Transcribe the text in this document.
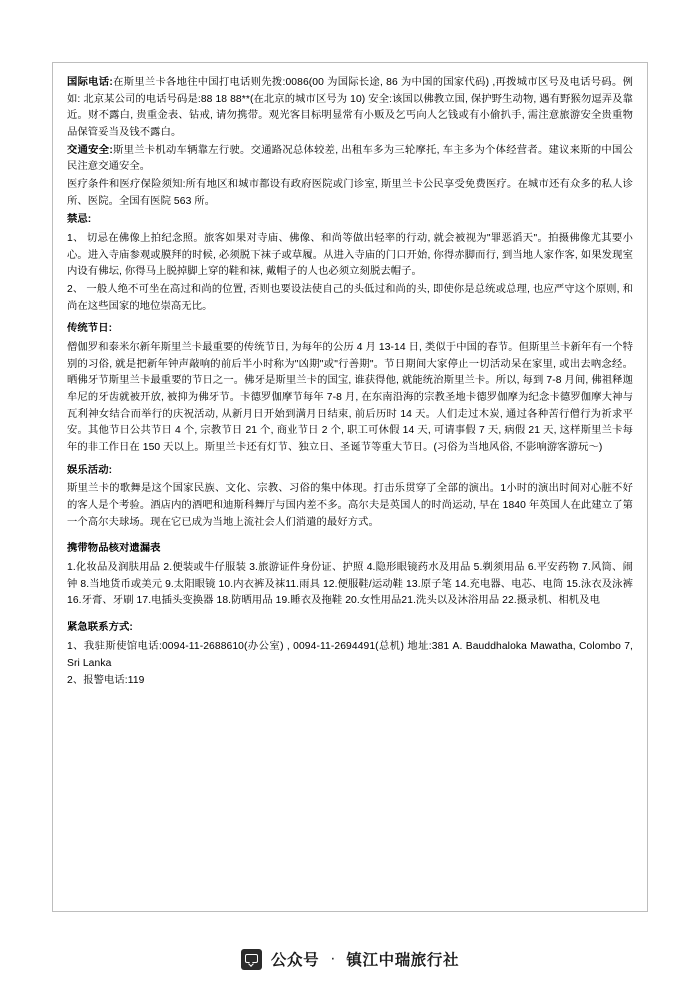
国际电话:在斯里兰卡各地往中国打电话则先拨:0086(00 为国际长途, 86 为中国的国家代码) ,再拨城市区号及电话号码。例如: 北京某公司的电话号码是:88 18 88**(在北京的城市区号为 10) 安全:该国以佛教立国, 保护野生动物, 遇有野猴勿逗弄及靠近。财不露白, 贵重金表、钻戒, 请勿携带。观光客目标明显常有小贩及乞丐向人乞钱或有小偷扒手, 需注意旅游安全贵重物品保管妥当及钱不露白。

交通安全:斯里兰卡机动车辆靠左行驶。交通路况总体较差, 出租车多为三轮摩托, 车主多为个体经营者。建议来斯的中国公民注意交通安全。

医疗条件和医疗保险须知:所有地区和城市都设有政府医院或门诊室, 斯里兰卡公民享受免费医疗。在城市还有众多的私人诊所、医院。全国有医院 563 所。

禁忌:

1、 切忌在佛像上拍纪念照。旅客如果对寺庙、佛像、和尚等做出轻率的行动, 就会被视为"罪恶滔天"。拍摄佛像尤其要小心。进入寺庙参观或膜拜的时候, 必须脱下袜子或草履。从进入寺庙的门口开始, 你得赤脚而行, 到当地人家作客, 如果发现室内设有佛坛, 你得马上脱掉脚上穿的鞋和袜, 戴帽子的人也必须立刻脱去帽子。

2、 一般人绝不可坐在高过和尚的位置, 否则也要设法使自己的头低过和尚的头, 即使你是总统或总理, 也应严守这个原则, 和尚在这些国家的地位崇高无比。

传统节日:

僧伽罗和泰米尔新年斯里兰卡最重要的传统节日, 为每年的公历 4 月 13-14 日, 类似于中国的春节。但斯里兰卡新年有一个特别的习俗, 就是把新年钟声敲响的前后半小时称为"凶期"或"行善期"。节日期间大家停止一切活动呆在家里, 或出去吶念经。晒佛牙节斯里兰卡最重要的节日之一。佛牙是斯里兰卡的国宝, 谁获得他, 就能统治斯里兰卡。所以, 每到 7-8 月间, 佛祖释迦牟尼的牙齿就被开放, 被抑为佛牙节。卡德罗伽摩节每年 7-8 月, 在东南沿海的宗教圣地卡德罗伽摩为纪念卡德罗伽摩大神与瓦利神女结合而举行的庆祝活动, 从新月日开始到满月日结束, 前后历时 14 天。人们走过木炭, 通过各种苦行僧行为祈求平安。其他节日公共节日 4 个, 宗教节日 21 个, 商业节日 2 个, 职工可休假 14 天, 可请事假 7 天, 病假 21 天, 这样斯里兰卡每年的非工作日在 150 天以上。斯里兰卡还有灯节、独立日、圣诞节等重大节日。(习俗为当地风俗, 不影响游客游玩〜)

娱乐活动:

斯里兰卡的歌舞是这个国家民族、文化、宗教、习俗的集中体现。打击乐贯穿了全部的演出。1小时的演出时间对心脏不好的客人是个考验。酒店内的酒吧和迪斯科舞厅与国内差不多。高尔夫是英国人的时尚运动, 早在 1840 年英国人在此建立了第一个高尔夫球场。现在它已成为当地上流社会人们消遣的最好方式。

携带物品核对遗漏表

1.化妆品及润肤用品 2.便装或牛仔服装 3.旅游证件身份证、护照 4.隐形眼镜药水及用品 5.剃须用品 6.平安药物 7.风筒、闹钟 8.当地货币或美元 9.太阳眼镜 10.内衣裤及袜11.雨具 12.便服鞋/运动鞋 13.原子笔 14.充电器、电芯、电筒 15.泳衣及泳裤 16.牙膏、牙刷 17.电插头变换器 18.防晒用品 19.睡衣及拖鞋 20.女性用品21.洗头以及沐浴用品 22.摄录机、相机及电

紧急联系方式:

1、我驻斯使馆电话:0094-11-2688610(办公室) , 0094-11-2694491(总机) 地址:381 A. Bauddhaloka Mawatha, Colombo 7, Sri Lanka

2、报警电话:119

公众号 · 镇江中瑞旅行社
